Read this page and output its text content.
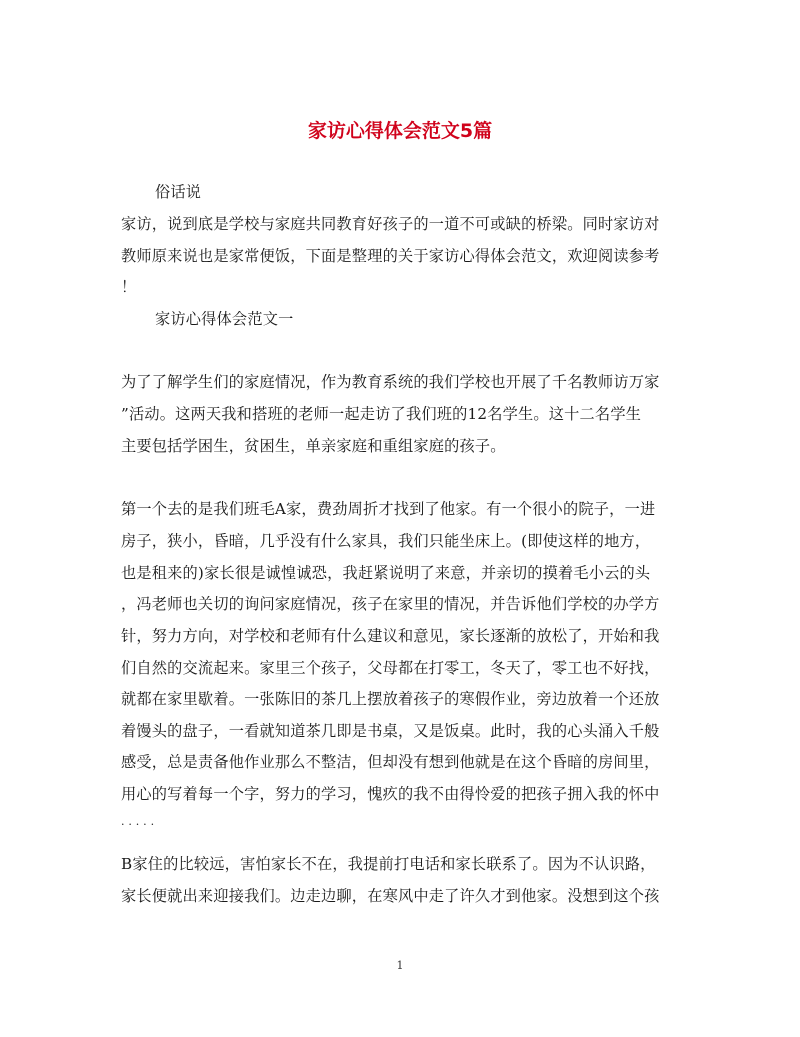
家访心得体会范文5篇
俗话说
家访，说到底是学校与家庭共同教育好孩子的一道不可或缺的桥梁。同时家访对
教师原来说也是家常便饭，下面是整理的关于家访心得体会范文，欢迎阅读参考
！
家访心得体会范文一
为了了解学生们的家庭情况，作为教育系统的我们学校也开展了千名教师访万家
”活动。这两天我和搭班的老师一起走访了我们班的12名学生。这十二名学生
主要包括学困生，贫困生，单亲家庭和重组家庭的孩子。
第一个去的是我们班毛A家，费劲周折才找到了他家。有一个很小的院子，一进
房子，狭小，昏暗，几乎没有什么家具，我们只能坐床上。(即使这样的地方，
也是租来的)家长很是诚惶诚恐，我赶紧说明了来意，并亲切的摸着毛小云的头
，冯老师也关切的询问家庭情况，孩子在家里的情况，并告诉他们学校的办学方
针，努力方向，对学校和老师有什么建议和意见，家长逐渐的放松了，开始和我
们自然的交流起来。家里三个孩子，父母都在打零工，冬天了，零工也不好找，
就都在家里歇着。一张陈旧的茶几上摆放着孩子的寒假作业，旁边放着一个还放
着馒头的盘子，一看就知道茶几即是书桌，又是饭桌。此时，我的心头涌入千般
感受，总是责备他作业那么不整洁，但却没有想到他就是在这个昏暗的房间里，
用心的写着每一个字，努力的学习，愧疚的我不由得怜爱的把孩子拥入我的怀中
. . . . .
B家住的比较远，害怕家长不在，我提前打电话和家长联系了。因为不认识路，
家长便就出来迎接我们。边走边聊，在寒风中走了许久才到他家。没想到这个孩
1
